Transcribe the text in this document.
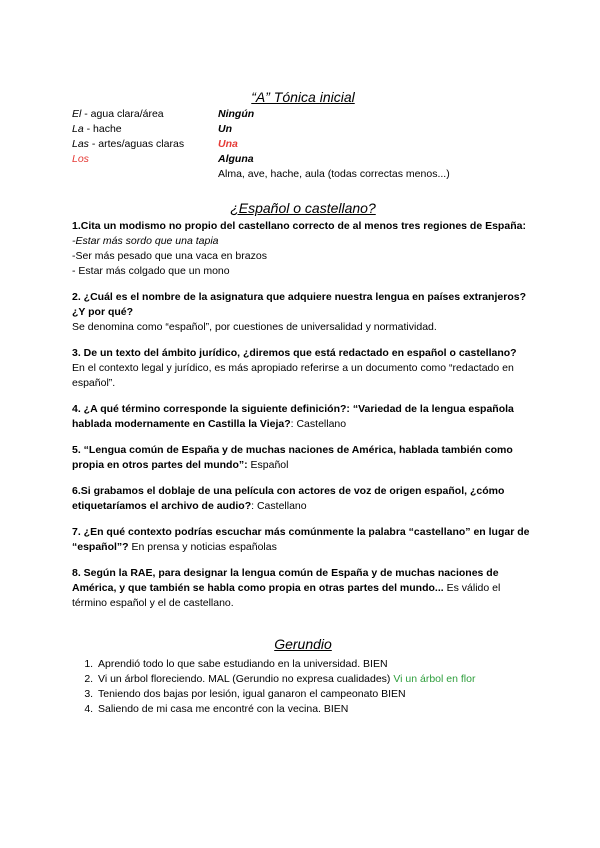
“A” Tónica inicial

El - agua clara/área
La - hache
Las - artes/aguas claras
Los
Ningún
Un
Una
Alguna
Alma, ave, hache, aula (todas correctas menos...)

¿Español o castellano?

1.Cita un modismo no propio del castellano correcto de al menos tres regiones de España:
-Estar más sordo que una tapia
-Ser más pesado que una vaca en brazos
- Estar más colgado que un mono
2. ¿Cuál es el nombre de la asignatura que adquiere nuestra lengua en países extranjeros? ¿Y por qué?
Se denomina como “español”, por cuestiones de universalidad y normatividad.
3. De un texto del ámbito jurídico, ¿diremos que está redactado en español o castellano?
En el contexto legal y jurídico, es más apropiado referirse a un documento como “redactado en español”.
4. ¿A qué término corresponde la siguiente definición?: “Variedad de la lengua española hablada modernamente en Castilla la Vieja?: Castellano
5. “Lengua común de España y de muchas naciones de América, hablada también como propia en otros partes del mundo”: Español
6.Si grabamos el doblaje de una película con actores de voz de origen español, ¿cómo etiquetaríamos el archivo de audio?: Castellano
7. ¿En qué contexto podrías escuchar más comúnmente la palabra “castellano” en lugar de “español”? En prensa y noticias españolas
8. Según la RAE, para designar la lengua común de España y de muchas naciones de América, y que también se habla como propia en otras partes del mundo... Es válido el término español y el de castellano.

Gerundio

1. Aprendió todo lo que sabe estudiando en la universidad. BIEN
2. Vi un árbol floreciendo. MAL (Gerundio no expresa cualidades) Vi un árbol en flor
3. Teniendo dos bajas por lesión, igual ganaron el campeonato BIEN
4. Saliendo de mi casa me encontré con la vecina. BIEN
